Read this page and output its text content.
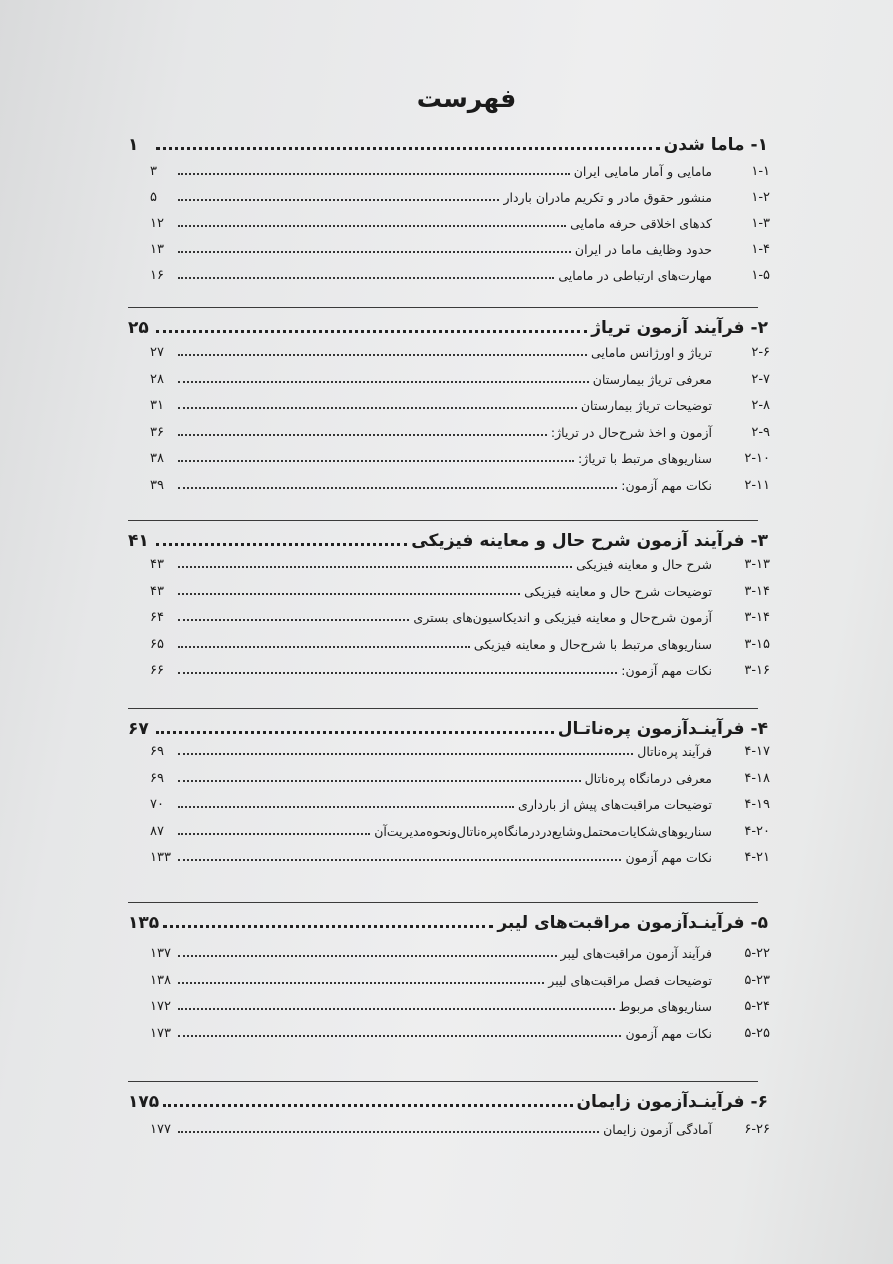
فهرست
۱-
ماما شدن
۱
۱-۱
مامایی و آمار مامایی ایران
۳
۱-۲
منشور حقوق مادر و تکریم مادران باردار
۵
۱-۳
کدهای اخلاقی حرفه مامایی
۱۲
۱-۴
حدود وظایف ماما در ایران
۱۳
۱-۵
مهارت‌های ارتباطی در مامایی
۱۶
۲-
فرآیند آزمون تریاژ
۲۵
۲-۶
تریاژ و اورژانس مامایی
۲۷
۲-۷
معرفی تریاژ بیمارستان
۲۸
۲-۸
توضیحات تریاژ بیمارستان
۳۱
۲-۹
آزمون و اخذ شرح‌حال در تریاژ:
۳۶
۲-۱۰
سناریوهای مرتبط با تریاژ:
۳۸
۲-۱۱
نکات مهم آزمون:
۳۹
۳-
فرآیند آزمون شرح حال و معاینه فیزیکی
۴۱
۳-۱۳
شرح حال و معاینه فیزیکی
۴۳
۳-۱۴
توضیحات شرح حال و معاینه فیزیکی
۴۳
۳-۱۴
آزمون شرح‌حال و معاینه فیزیکی و اندیکاسیون‌های بستری
۶۴
۳-۱۵
سناریوهای مرتبط با شرح‌حال و معاینه فیزیکی
۶۵
۳-۱۶
نکات مهم آزمون:
۶۶
۴-
فرآینـدآزمون پره‌ناتـال
۶۷
۴-۱۷
فرآیند پره‌ناتال
۶۹
۴-۱۸
معرفی درمانگاه پره‌ناتال
۶۹
۴-۱۹
توضیحات مراقبت‌های پیش از بارداری
۷۰
۴-۲۰
سناریوهای‌شکایات‌محتمل‌وشایع‌دردرمانگاه‌پره‌ناتال‌ونحوه‌مدیریت‌آن
۸۷
۴-۲۱
نکات مهم آزمون
۱۳۳
۵-
فرآینـدآزمون مراقبت‌های لیبر
۱۳۵
۵-۲۲
فرآیند آزمون مراقبت‌های لیبر
۱۳۷
۵-۲۳
توضیحات فصل مراقبت‌های لیبر
۱۳۸
۵-۲۴
سناریوهای مربوط
۱۷۲
۵-۲۵
نکات مهم آزمون
۱۷۳
۶-
فرآینـدآزمون زایمان
۱۷۵
۶-۲۶
آمادگی آزمون زایمان
۱۷۷
